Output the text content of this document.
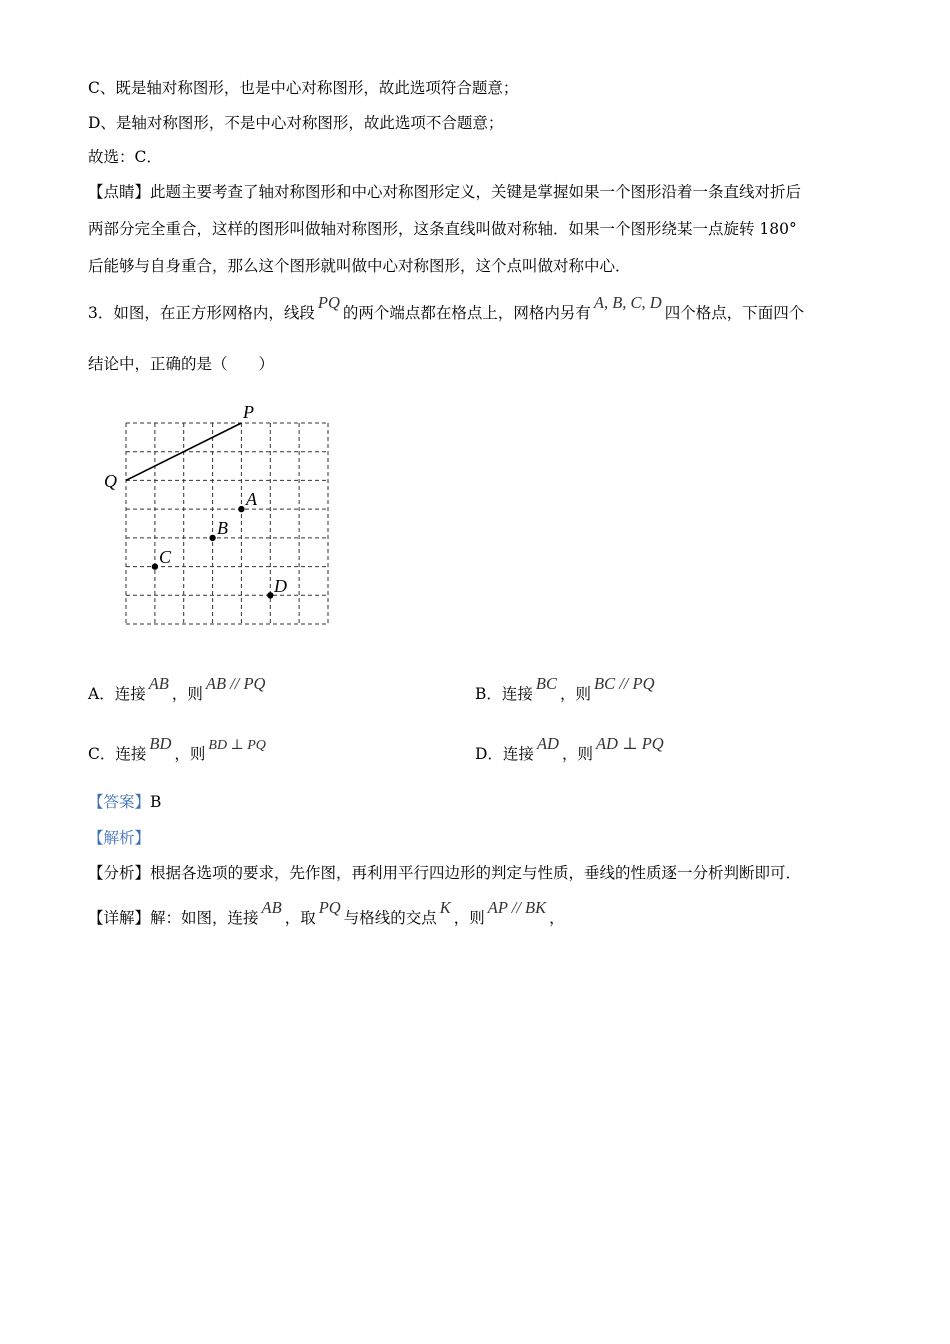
C、既是轴对称图形，也是中心对称图形，故此选项符合题意；
D、是轴对称图形，不是中心对称图形，故此选项不合题意；
故选：C．
【点睛】此题主要考查了轴对称图形和中心对称图形定义，关键是掌握如果一个图形沿着一条直线对折后
两部分完全重合，这样的图形叫做轴对称图形，这条直线叫做对称轴．如果一个图形绕某一点旋转 180°
后能够与自身重合，那么这个图形就叫做中心对称图形，这个点叫做对称中心．
3．如图，在正方形网格内，线段PQ的两个端点都在格点上，网格内另有A, B, C, D四个格点，下面四个
结论中，正确的是（　　）
P
Q
A
B
C
D
A．连接AB，则AB // PQ
B．连接BC，则BC // PQ
C．连接BD，则 BD ⊥ PQ	D．连接AD，则AD ⊥ PQ
【答案】B
【解析】
【分析】根据各选项的要求，先作图，再利用平行四边形的判定与性质，垂线的性质逐一分析判断即可．
【详解】解：如图，连接AB，取PQ与格线的交点K，则AP // BK，
